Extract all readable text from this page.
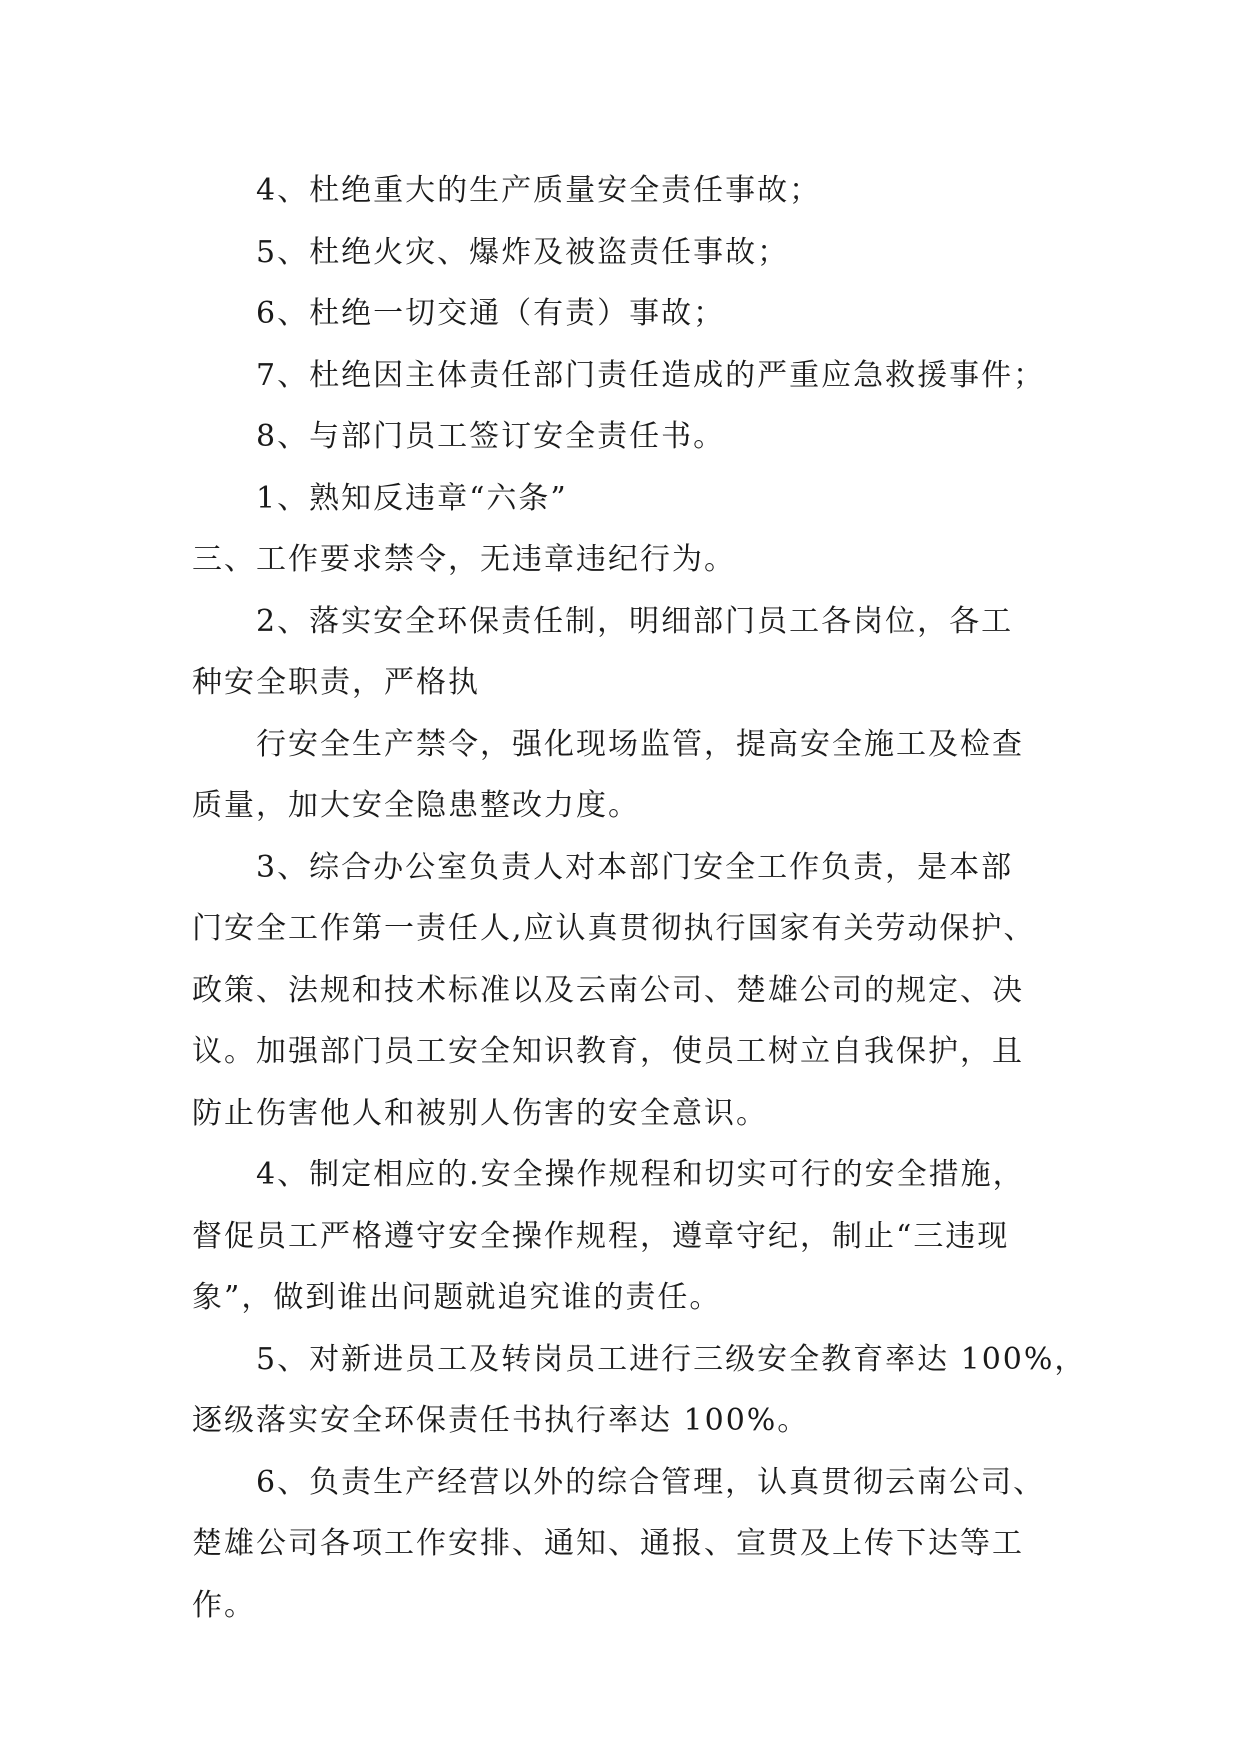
4、杜绝重大的生产质量安全责任事故；

5、杜绝火灾、爆炸及被盗责任事故；

6、杜绝一切交通（有责）事故；

7、杜绝因主体责任部门责任造成的严重应急救援事件；

8、与部门员工签订安全责任书。

1、熟知反违章“六条”

三、工作要求禁令，无违章违纪行为。

2、落实安全环保责任制，明细部门员工各岗位，各工

种安全职责，严格执

行安全生产禁令，强化现场监管，提高安全施工及检查

质量，加大安全隐患整改力度。

3、综合办公室负责人对本部门安全工作负责，是本部

门安全工作第一责任人,应认真贯彻执行国家有关劳动保护、

政策、法规和技术标准以及云南公司、楚雄公司的规定、决

议。加强部门员工安全知识教育，使员工树立自我保护，且

防止伤害他人和被别人伤害的安全意识。

4、制定相应的.安全操作规程和切实可行的安全措施，

督促员工严格遵守安全操作规程，遵章守纪，制止“三违现

象”，做到谁出问题就追究谁的责任。

5、对新进员工及转岗员工进行三级安全教育率达 100%，

逐级落实安全环保责任书执行率达 100%。

6、负责生产经营以外的综合管理，认真贯彻云南公司、

楚雄公司各项工作安排、通知、通报、宣贯及上传下达等工

作。
